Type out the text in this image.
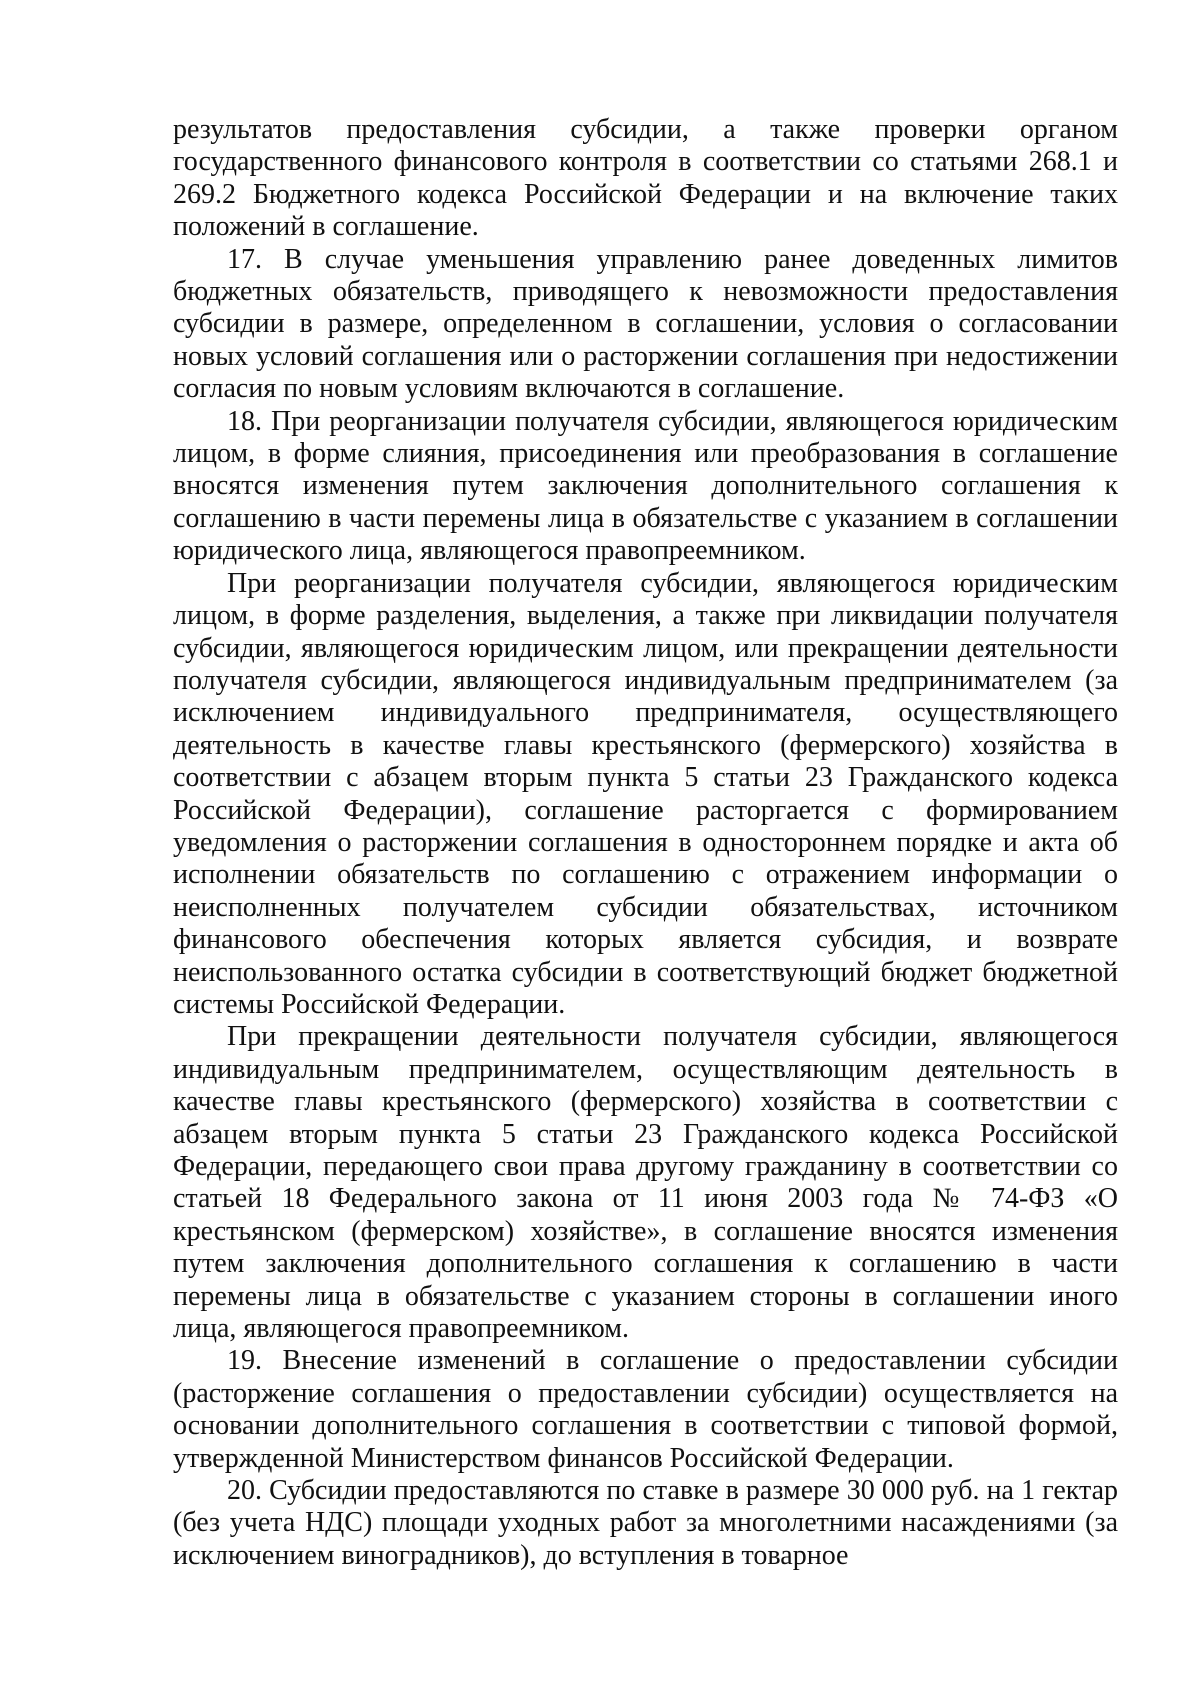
результатов предоставления субсидии, а также проверки органом государственного финансового контроля в соответствии со статьями 268.1 и 269.2 Бюджетного кодекса Российской Федерации и на включение таких положений в соглашение.

17. В случае уменьшения управлению ранее доведенных лимитов бюджетных обязательств, приводящего к невозможности предоставления субсидии в размере, определенном в соглашении, условия о согласовании новых условий соглашения или о расторжении соглашения при недостижении согласия по новым условиям включаются в соглашение.

18. При реорганизации получателя субсидии, являющегося юридическим лицом, в форме слияния, присоединения или преобразования в соглашение вносятся изменения путем заключения дополнительного соглашения к соглашению в части перемены лица в обязательстве с указанием в соглашении юридического лица, являющегося правопреемником.

При реорганизации получателя субсидии, являющегося юридическим лицом, в форме разделения, выделения, а также при ликвидации получателя субсидии, являющегося юридическим лицом, или прекращении деятельности получателя субсидии, являющегося индивидуальным предпринимателем (за исключением индивидуального предпринимателя, осуществляющего деятельность в качестве главы крестьянского (фермерского) хозяйства в соответствии с абзацем вторым пункта 5 статьи 23 Гражданского кодекса Российской Федерации), соглашение расторгается с формированием уведомления о расторжении соглашения в одностороннем порядке и акта об исполнении обязательств по соглашению с отражением информации о неисполненных получателем субсидии обязательствах, источником финансового обеспечения которых является субсидия, и возврате неиспользованного остатка субсидии в соответствующий бюджет бюджетной системы Российской Федерации.

При прекращении деятельности получателя субсидии, являющегося индивидуальным предпринимателем, осуществляющим деятельность в качестве главы крестьянского (фермерского) хозяйства в соответствии с абзацем вторым пункта 5 статьи 23 Гражданского кодекса Российской Федерации, передающего свои права другому гражданину в соответствии со статьей 18 Федерального закона от 11 июня 2003 года № 74-ФЗ «О крестьянском (фермерском) хозяйстве», в соглашение вносятся изменения путем заключения дополнительного соглашения к соглашению в части перемены лица в обязательстве с указанием стороны в соглашении иного лица, являющегося правопреемником.

19. Внесение изменений в соглашение о предоставлении субсидии (расторжение соглашения о предоставлении субсидии) осуществляется на основании дополнительного соглашения в соответствии с типовой формой, утвержденной Министерством финансов Российской Федерации.

20. Субсидии предоставляются по ставке в размере 30 000 руб. на 1 гектар (без учета НДС) площади уходных работ за многолетними насаждениями (за исключением виноградников), до вступления в товарное
